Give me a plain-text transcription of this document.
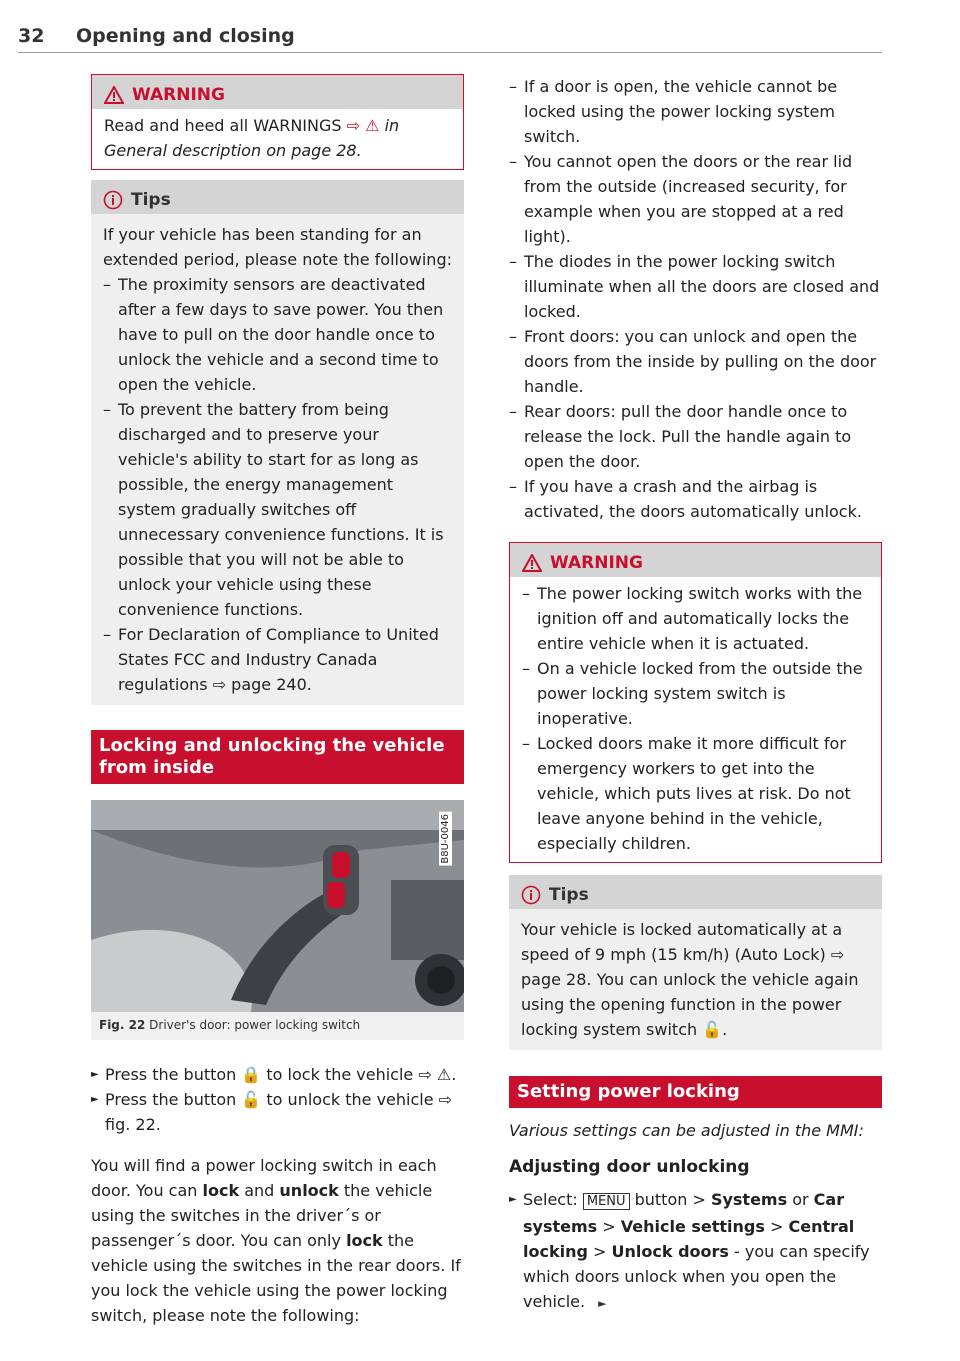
32 Opening and closing
WARNING

Read and heed all WARNINGS ⇨ ⚠ in General description on page 28.

Tips

If your vehicle has been standing for an extended period, please note the following:

– The proximity sensors are deactivated after a few days to save power. You then have to pull on the door handle once to unlock the vehicle and a second time to open the vehicle.
– To prevent the battery from being discharged and to preserve your vehicle's ability to start for as long as possible, the energy management system gradually switches off unnecessary convenience functions. It is possible that you will not be able to unlock your vehicle using these convenience functions.
– For Declaration of Compliance to United States FCC and Industry Canada regulations ⇨ page 240.
Locking and unlocking the vehicle from inside
B8U-0046
Fig. 22 Driver's door: power locking switch

► Press the button 🔒 to lock the vehicle ⇨ ⚠.

► Press the button 🔓 to unlock the vehicle ⇨ fig. 22.

You will find a power locking switch in each door. You can lock and unlock the vehicle using the switches in the driver´s or passenger´s door. You can only lock the vehicle using the switches in the rear doors. If you lock the vehicle using the power locking switch, please note the following:

– If a door is open, the vehicle cannot be locked using the power locking system switch.
– You cannot open the doors or the rear lid from the outside (increased security, for example when you are stopped at a red light).
– The diodes in the power locking switch illuminate when all the doors are closed and locked.
– Front doors: you can unlock and open the doors from the inside by pulling on the door handle.
– Rear doors: pull the door handle once to release the lock. Pull the handle again to open the door.
– If you have a crash and the airbag is activated, the doors automatically unlock.
WARNING
– The power locking switch works with the ignition off and automatically locks the entire vehicle when it is actuated.
– On a vehicle locked from the outside the power locking system switch is inoperative.
– Locked doors make it more difficult for emergency workers to get into the vehicle, which puts lives at risk. Do not leave anyone behind in the vehicle, especially children.
Tips

Your vehicle is locked automatically at a speed of 9 mph (15 km/h) (Auto Lock) ⇨ page 28. You can unlock the vehicle again using the opening function in the power locking system switch 🔓.

Setting power locking

Various settings can be adjusted in the MMI:

Adjusting door unlocking

► Select: MENU button > Systems or Car systems > Vehicle settings > Central locking > Unlock doors - you can specify which doors unlock when you open the vehicle. ►
